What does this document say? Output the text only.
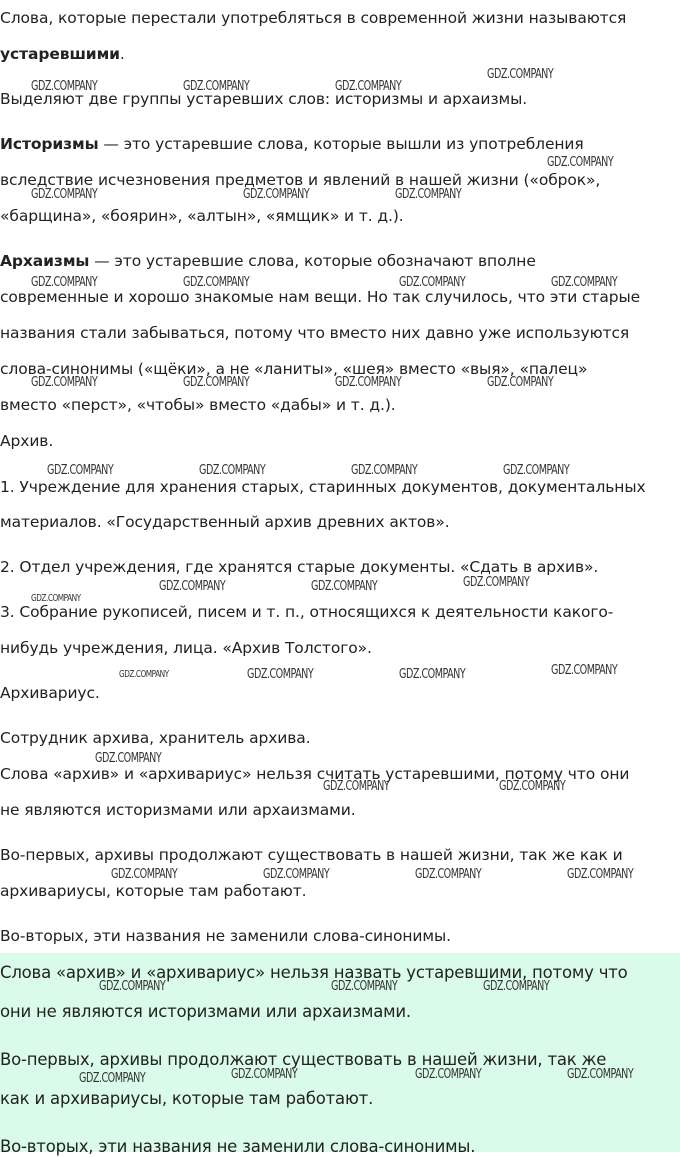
Слова, которые перестали употребляться в современной жизни называются
устаревшими.
Выделяют две группы устаревших слов: историзмы и архаизмы.
Историзмы — это устаревшие слова, которые вышли из употребления
вследствие исчезновения предметов и явлений в нашей жизни («оброк»,
«барщина», «боярин», «алтын», «ямщик» и т. д.).
Архаизмы — это устаревшие слова, которые обозначают вполне
современные и хорошо знакомые нам вещи. Но так случилось, что эти старые
названия стали забываться, потому что вместо них давно уже используются
слова-синонимы («щёки», а не «ланиты», «шея» вместо «выя», «палец»
вместо «перст», «чтобы» вместо «дабы» и т. д.).
Архив.
1. Учреждение для хранения старых, старинных документов, документальных
материалов. «Государственный архив древних актов».
2. Отдел учреждения, где хранятся старые документы. «Сдать в архив».
3. Собрание рукописей, писем и т. п., относящихся к деятельности какого-
нибудь учреждения, лица. «Архив Толстого».
Архивариус.
Сотрудник архива, хранитель архива.
Слова «архив» и «архивариус» нельзя считать устаревшими, потому что они
не являются историзмами или архаизмами.
Во-первых, архивы продолжают существовать в нашей жизни, так же как и
архивариусы, которые там работают.
Во-вторых, эти названия не заменили слова-синонимы.
Слова «архив» и «архивариус» нельзя назвать устаревшими, потому что
они не являются историзмами или архаизмами.
Во-первых, архивы продолжают существовать в нашей жизни, так же
как и архивариусы, которые там работают.
Во-вторых, эти названия не заменили слова-синонимы.
GDZ.COMPANY
GDZ.COMPANY	GDZ.COMPANY	GDZ.COMPANY
GDZ.COMPANY
GDZ.COMPANY	GDZ.COMPANY	GDZ.COMPANY
GDZ.COMPANY	GDZ.COMPANY	GDZ.COMPANY	GDZ.COMPANY
GDZ.COMPANY	GDZ.COMPANY	GDZ.COMPANY	GDZ.COMPANY
GDZ.COMPANY	GDZ.COMPANY	GDZ.COMPANY	GDZ.COMPANY
GDZ.COMPANY
GDZ.COMPANY	GDZ.COMPANY
GDZ.COMPANY
GDZ.COMPANY
GDZ.COMPANY	GDZ.COMPANY	GDZ.COMPANY
GDZ.COMPANY
GDZ.COMPANY	GDZ.COMPANY
GDZ.COMPANY	GDZ.COMPANY	GDZ.COMPANY	GDZ.COMPANY
GDZ.COMPANY	GDZ.COMPANY	GDZ.COMPANY
GDZ.COMPANY	GDZ.COMPANY	GDZ.COMPANY
GDZ.COMPANY
